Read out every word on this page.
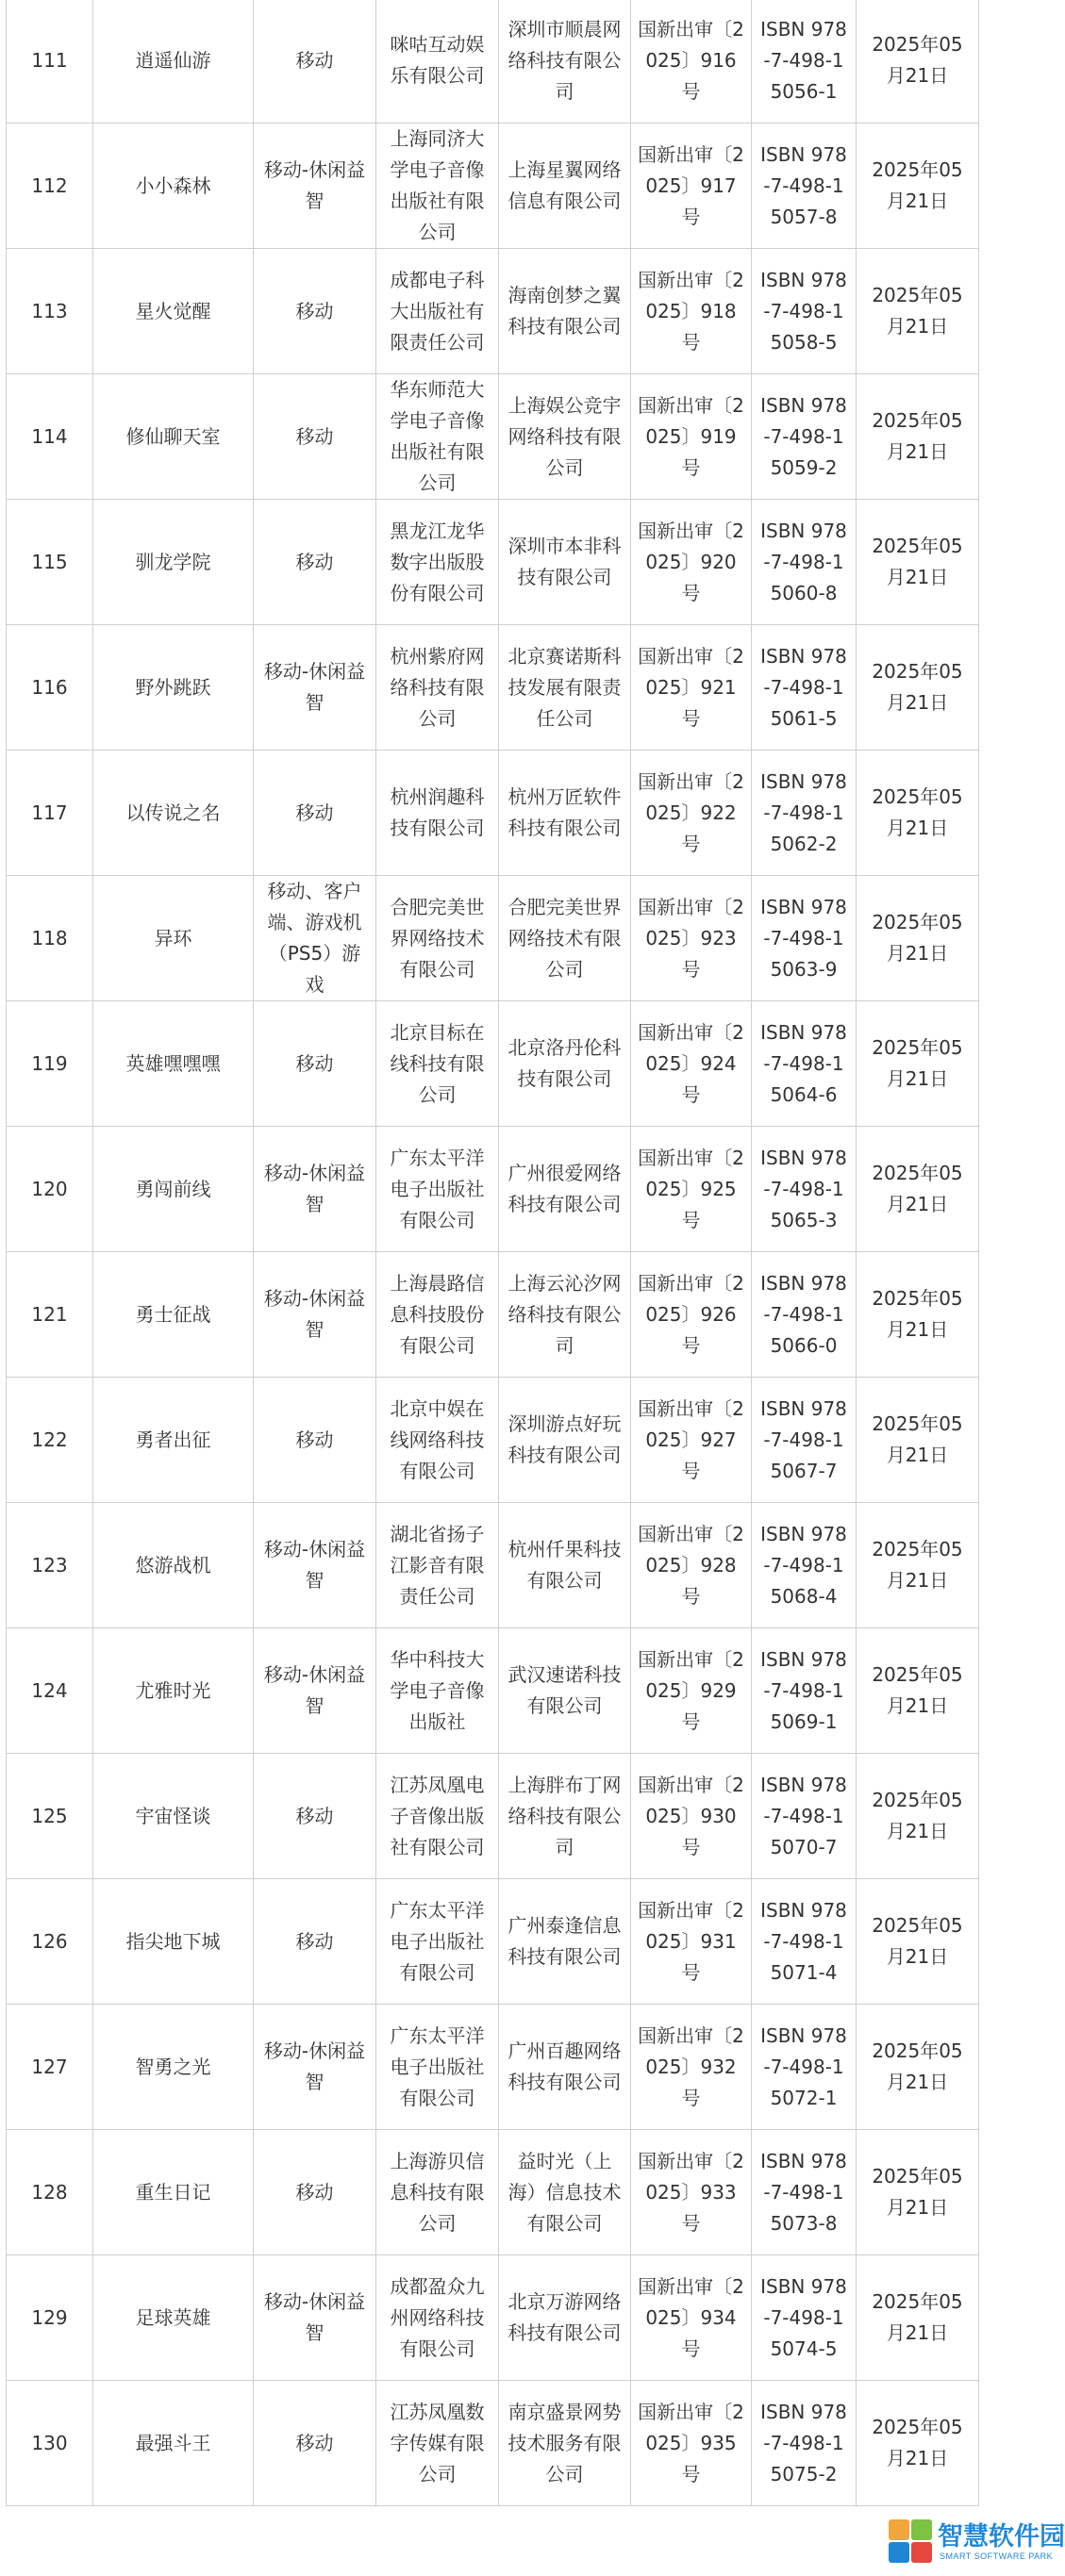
111	逍遥仙游	移动	咪咕互动娱乐有限公司	深圳市顺晨网络科技有限公司	国新出审〔2025〕916号	ISBN 978-7-498-15056-1	2025年05月21日
112	小小森林	移动-休闲益智	上海同济大学电子音像出版社有限公司	上海星翼网络信息有限公司	国新出审〔2025〕917号	ISBN 978-7-498-15057-8	2025年05月21日
113	星火觉醒	移动	成都电子科大出版社有限责任公司	海南创梦之翼科技有限公司	国新出审〔2025〕918号	ISBN 978-7-498-15058-5	2025年05月21日
114	修仙聊天室	移动	华东师范大学电子音像出版社有限公司	上海娱公竞宇网络科技有限公司	国新出审〔2025〕919号	ISBN 978-7-498-15059-2	2025年05月21日
115	驯龙学院	移动	黑龙江龙华数字出版股份有限公司	深圳市本非科技有限公司	国新出审〔2025〕920号	ISBN 978-7-498-15060-8	2025年05月21日
116	野外跳跃	移动-休闲益智	杭州紫府网络科技有限公司	北京赛诺斯科技发展有限责任公司	国新出审〔2025〕921号	ISBN 978-7-498-15061-5	2025年05月21日
117	以传说之名	移动	杭州润趣科技有限公司	杭州万匠软件科技有限公司	国新出审〔2025〕922号	ISBN 978-7-498-15062-2	2025年05月21日
118	异环	移动、客户端、游戏机（PS5）游戏	合肥完美世界网络技术有限公司	合肥完美世界网络技术有限公司	国新出审〔2025〕923号	ISBN 978-7-498-15063-9	2025年05月21日
119	英雄嘿嘿嘿	移动	北京目标在线科技有限公司	北京洛丹伦科技有限公司	国新出审〔2025〕924号	ISBN 978-7-498-15064-6	2025年05月21日
120	勇闯前线	移动-休闲益智	广东太平洋电子出版社有限公司	广州很爱网络科技有限公司	国新出审〔2025〕925号	ISBN 978-7-498-15065-3	2025年05月21日
121	勇士征战	移动-休闲益智	上海晨路信息科技股份有限公司	上海云沁汐网络科技有限公司	国新出审〔2025〕926号	ISBN 978-7-498-15066-0	2025年05月21日
122	勇者出征	移动	北京中娱在线网络科技有限公司	深圳游点好玩科技有限公司	国新出审〔2025〕927号	ISBN 978-7-498-15067-7	2025年05月21日
123	悠游战机	移动-休闲益智	湖北省扬子江影音有限责任公司	杭州仟果科技有限公司	国新出审〔2025〕928号	ISBN 978-7-498-15068-4	2025年05月21日
124	尤雅时光	移动-休闲益智	华中科技大学电子音像出版社	武汉速诺科技有限公司	国新出审〔2025〕929号	ISBN 978-7-498-15069-1	2025年05月21日
125	宇宙怪谈	移动	江苏凤凰电子音像出版社有限公司	上海胖布丁网络科技有限公司	国新出审〔2025〕930号	ISBN 978-7-498-15070-7	2025年05月21日
126	指尖地下城	移动	广东太平洋电子出版社有限公司	广州泰逢信息科技有限公司	国新出审〔2025〕931号	ISBN 978-7-498-15071-4	2025年05月21日
127	智勇之光	移动-休闲益智	广东太平洋电子出版社有限公司	广州百趣网络科技有限公司	国新出审〔2025〕932号	ISBN 978-7-498-15072-1	2025年05月21日
128	重生日记	移动	上海游贝信息科技有限公司	益时光（上海）信息技术有限公司	国新出审〔2025〕933号	ISBN 978-7-498-15073-8	2025年05月21日
129	足球英雄	移动-休闲益智	成都盈众九州网络科技有限公司	北京万游网络科技有限公司	国新出审〔2025〕934号	ISBN 978-7-498-15074-5	2025年05月21日
130	最强斗王	移动	江苏凤凰数字传媒有限公司	南京盛景网势技术服务有限公司	国新出审〔2025〕935号	ISBN 978-7-498-15075-2	2025年05月21日
智慧软件园
SMART SOFTWARE PARK
